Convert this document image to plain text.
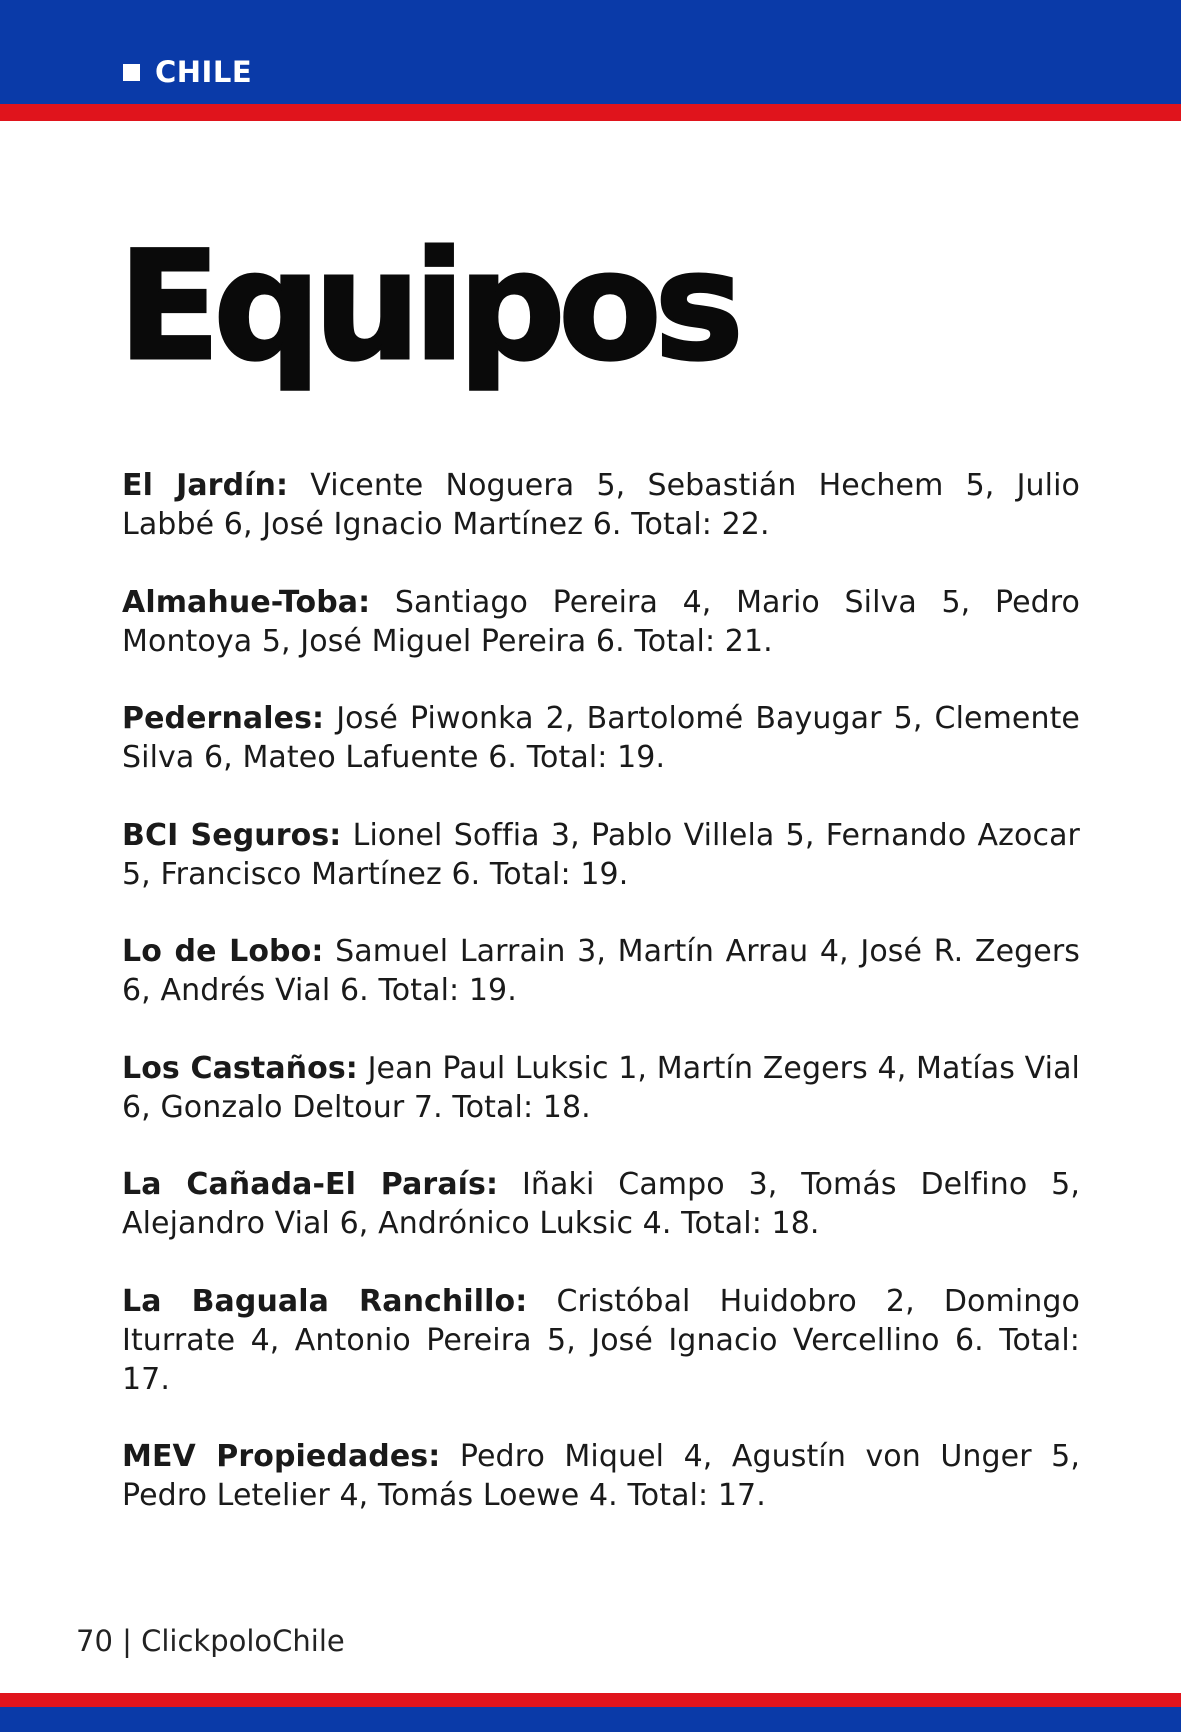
CHILE
Equipos

El Jardín: Vicente Noguera 5, Sebastián Hechem 5, Julio Labbé 6, José Ignacio Martínez 6. Total: 22.

Almahue-Toba: Santiago Pereira 4, Mario Silva 5, Pedro Montoya 5, José Miguel Pereira 6. Total: 21.

Pedernales: José Piwonka 2, Bartolomé Bayugar 5, Clemente Silva 6, Mateo Lafuente 6. Total: 19.

BCI Seguros: Lionel Soffia 3, Pablo Villela 5, Fernando Azocar 5, Francisco Martínez 6. Total: 19.

Lo de Lobo: Samuel Larrain 3, Martín Arrau 4, José R. Zegers 6, Andrés Vial 6. Total: 19.

Los Castaños: Jean Paul Luksic 1, Martín Zegers 4, Matías Vial 6, Gonzalo Deltour 7. Total: 18.

La Cañada-El Paraís: Iñaki Campo 3, Tomás Delfino 5, Alejandro Vial 6, Andrónico Luksic 4. Total: 18.

La Baguala Ranchillo: Cristóbal Huidobro 2, Domingo Iturrate 4, Antonio Pereira 5, José Ignacio Vercellino 6. Total: 17.

MEV Propiedades: Pedro Miquel 4, Agustín von Unger 5, Pedro Letelier 4, Tomás Loewe 4. Total: 17.

70 | ClickpoloChile
